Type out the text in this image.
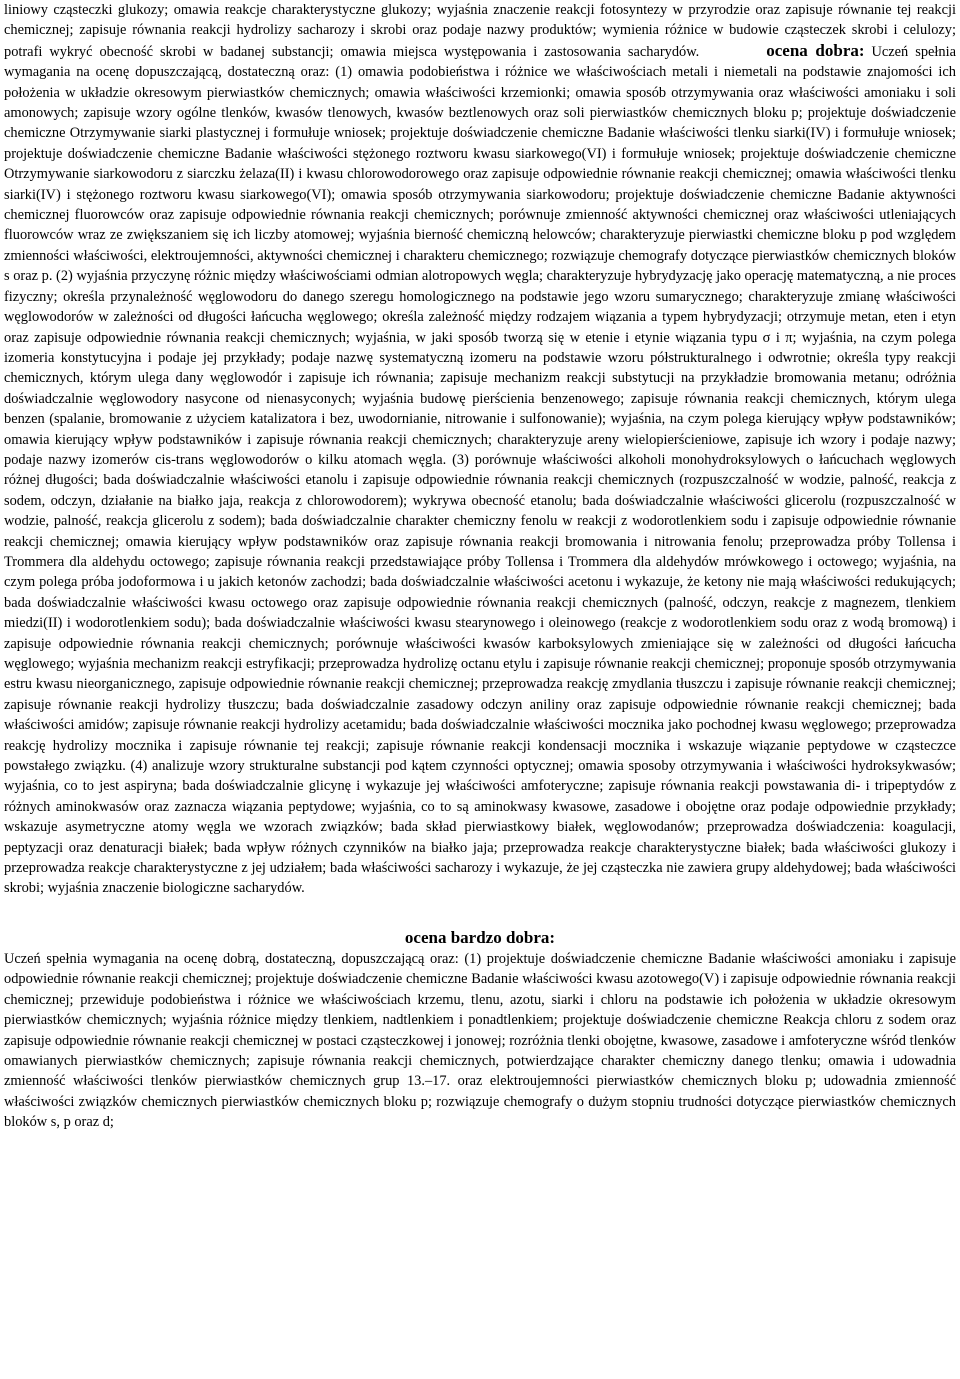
liniowy cząsteczki glukozy; omawia reakcje charakterystyczne glukozy; wyjaśnia znaczenie reakcji fotosyntezy w przyrodzie oraz zapisuje równanie tej reakcji chemicznej; zapisuje równania reakcji hydrolizy sacharozy i skrobi oraz podaje nazwy produktów; wymienia różnice w budowie cząsteczek skrobi i celulozy; potrafi wykryć obecność skrobi w badanej substancji; omawia miejsca występowania i zastosowania sacharydów.	ocena dobra: Uczeń spełnia wymagania na ocenę dopuszczającą, dostateczną oraz: (1) omawia podobieństwa i różnice we właściwościach metali i niemetali na podstawie znajomości ich położenia w układzie okresowym pierwiastków chemicznych; omawia właściwości krzemionki; omawia sposób otrzymywania oraz właściwości amoniaku i soli amonowych; zapisuje wzory ogólne tlenków, kwasów tlenowych, kwasów beztlenowych oraz soli pierwiastków chemicznych bloku p; projektuje doświadczenie chemiczne Otrzymywanie siarki plastycznej i formułuje wniosek; projektuje doświadczenie chemiczne Badanie właściwości tlenku siarki(IV) i formułuje wniosek; projektuje doświadczenie chemiczne Badanie właściwości stężonego roztworu kwasu siarkowego(VI) i formułuje wniosek; projektuje doświadczenie chemiczne Otrzymywanie siarkowodoru z siarczku żelaza(II) i kwasu chlorowodorowego oraz zapisuje odpowiednie równanie reakcji chemicznej; omawia właściwości tlenku siarki(IV) i stężonego roztworu kwasu siarkowego(VI); omawia sposób otrzymywania siarkowodoru; projektuje doświadczenie chemiczne Badanie aktywności chemicznej fluorowców oraz zapisuje odpowiednie równania reakcji chemicznych; porównuje zmienność aktywności chemicznej oraz właściwości utleniających fluorowców wraz ze zwiększaniem się ich liczby atomowej; wyjaśnia bierność chemiczną helowców; charakteryzuje pierwiastki chemiczne bloku p pod względem zmienności właściwości, elektroujemności, aktywności chemicznej i charakteru chemicznego; rozwiązuje chemografy dotyczące pierwiastków chemicznych bloków s oraz p. (2) wyjaśnia przyczynę różnic między właściwościami odmian alotropowych węgla; charakteryzuje hybrydyzację jako operację matematyczną, a nie proces fizyczny; określa przynależność węglowodoru do danego szeregu homologicznego na podstawie jego wzoru sumarycznego; charakteryzuje zmianę właściwości węglowodorów w zależności od długości łańcucha węglowego; określa zależność między rodzajem wiązania a typem hybrydyzacji; otrzymuje metan, eten i etyn oraz zapisuje odpowiednie równania reakcji chemicznych; wyjaśnia, w jaki sposób tworzą się w etenie i etynie wiązania typu σ i π; wyjaśnia, na czym polega izomeria konstytucyjna i podaje jej przykłady; podaje nazwę systematyczną izomeru na podstawie wzoru półstrukturalnego i odwrotnie; określa typy reakcji chemicznych, którym ulega dany węglowodór i zapisuje ich równania; zapisuje mechanizm reakcji substytucji na przykładzie bromowania metanu; odróżnia doświadczalnie węglowodory nasycone od nienasyconych; wyjaśnia budowę pierścienia benzenowego; zapisuje równania reakcji chemicznych, którym ulega benzen (spalanie, bromowanie z użyciem katalizatora i bez, uwodornianie, nitrowanie i sulfonowanie); wyjaśnia, na czym polega kierujący wpływ podstawników; omawia kierujący wpływ podstawników i zapisuje równania reakcji chemicznych; charakteryzuje areny wielopierścieniowe, zapisuje ich wzory i podaje nazwy; podaje nazwy izomerów cis-trans węglowodorów o kilku atomach węgla. (3) porównuje właściwości alkoholi monohydroksylowych o łańcuchach węglowych różnej długości; bada doświadczalnie właściwości etanolu i zapisuje odpowiednie równania reakcji chemicznych (rozpuszczalność w wodzie, palność, reakcja z sodem, odczyn, działanie na białko jaja, reakcja z chlorowodorem); wykrywa obecność etanolu; bada doświadczalnie właściwości glicerolu (rozpuszczalność w wodzie, palność, reakcja glicerolu z sodem); bada doświadczalnie charakter chemiczny fenolu w reakcji z wodorotlenkiem sodu i zapisuje odpowiednie równanie reakcji chemicznej; omawia kierujący wpływ podstawników oraz zapisuje równania reakcji bromowania i nitrowania fenolu; przeprowadza próby Tollensa i Trommera dla aldehydu octowego; zapisuje równania reakcji przedstawiające próby Tollensa i Trommera dla aldehydów mrówkowego i octowego; wyjaśnia, na czym polega próba jodoformowa i u jakich ketonów zachodzi; bada doświadczalnie właściwości acetonu i wykazuje, że ketony nie mają właściwości redukujących; bada doświadczalnie właściwości kwasu octowego oraz zapisuje odpowiednie równania reakcji chemicznych (palność, odczyn, reakcje z magnezem, tlenkiem miedzi(II) i wodorotlenkiem sodu); bada doświadczalnie właściwości kwasu stearynowego i oleinowego (reakcje z wodorotlenkiem sodu oraz z wodą bromową) i zapisuje odpowiednie równania reakcji chemicznych; porównuje właściwości kwasów karboksylowych zmieniające się w zależności od długości łańcucha węglowego; wyjaśnia mechanizm reakcji estryfikacji; przeprowadza hydrolizę octanu etylu i zapisuje równanie reakcji chemicznej; proponuje sposób otrzymywania estru kwasu nieorganicznego, zapisuje odpowiednie równanie reakcji chemicznej; przeprowadza reakcję zmydlania tłuszczu i zapisuje równanie reakcji chemicznej; zapisuje równanie reakcji hydrolizy tłuszczu; bada doświadczalnie zasadowy odczyn aniliny oraz zapisuje odpowiednie równanie reakcji chemicznej; bada właściwości amidów; zapisuje równanie reakcji hydrolizy acetamidu; bada doświadczalnie właściwości mocznika jako pochodnej kwasu węglowego; przeprowadza reakcję hydrolizy mocznika i zapisuje równanie tej reakcji; zapisuje równanie reakcji kondensacji mocznika i wskazuje wiązanie peptydowe w cząsteczce powstałego związku. (4) analizuje wzory strukturalne substancji pod kątem czynności optycznej; omawia sposoby otrzymywania i właściwości hydroksykwasów; wyjaśnia, co to jest aspiryna; bada doświadczalnie glicynę i wykazuje jej właściwości amfoteryczne; zapisuje równania reakcji powstawania di- i tripeptydów z różnych aminokwasów oraz zaznacza wiązania peptydowe; wyjaśnia, co to są aminokwasy kwasowe, zasadowe i obojętne oraz podaje odpowiednie przykłady; wskazuje asymetryczne atomy węgla we wzorach związków; bada skład pierwiastkowy białek, węglowodanów; przeprowadza doświadczenia: koagulacji, peptyzacji oraz denaturacji białek; bada wpływ różnych czynników na białko jaja; przeprowadza reakcje charakterystyczne białek; bada właściwości glukozy i przeprowadza reakcje charakterystyczne z jej udziałem; bada właściwości sacharozy i wykazuje, że jej cząsteczka nie zawiera grupy aldehydowej; bada właściwości skrobi; wyjaśnia znaczenie biologiczne sacharydów.

ocena bardzo dobra:

Uczeń spełnia wymagania na ocenę dobrą, dostateczną, dopuszczającą oraz: (1) projektuje doświadczenie chemiczne Badanie właściwości amoniaku i zapisuje odpowiednie równanie reakcji chemicznej; projektuje doświadczenie chemiczne Badanie właściwości kwasu azotowego(V) i zapisuje odpowiednie równania reakcji chemicznej; przewiduje podobieństwa i różnice we właściwościach krzemu, tlenu, azotu, siarki i chloru na podstawie ich położenia w układzie okresowym pierwiastków chemicznych; wyjaśnia różnice między tlenkiem, nadtlenkiem i ponadtlenkiem; projektuje doświadczenie chemiczne Reakcja chloru z sodem oraz zapisuje odpowiednie równanie reakcji chemicznej w postaci cząsteczkowej i jonowej; rozróżnia tlenki obojętne, kwasowe, zasadowe i amfoteryczne wśród tlenków omawianych pierwiastków chemicznych; zapisuje równania reakcji chemicznych, potwierdzające charakter chemiczny danego tlenku; omawia i udowadnia zmienność właściwości tlenków pierwiastków chemicznych grup 13.–17. oraz elektroujemności pierwiastków chemicznych bloku p; udowadnia zmienność właściwości związków chemicznych pierwiastków chemicznych bloku p; rozwiązuje chemografy o dużym stopniu trudności dotyczące pierwiastków chemicznych bloków s, p oraz d;
